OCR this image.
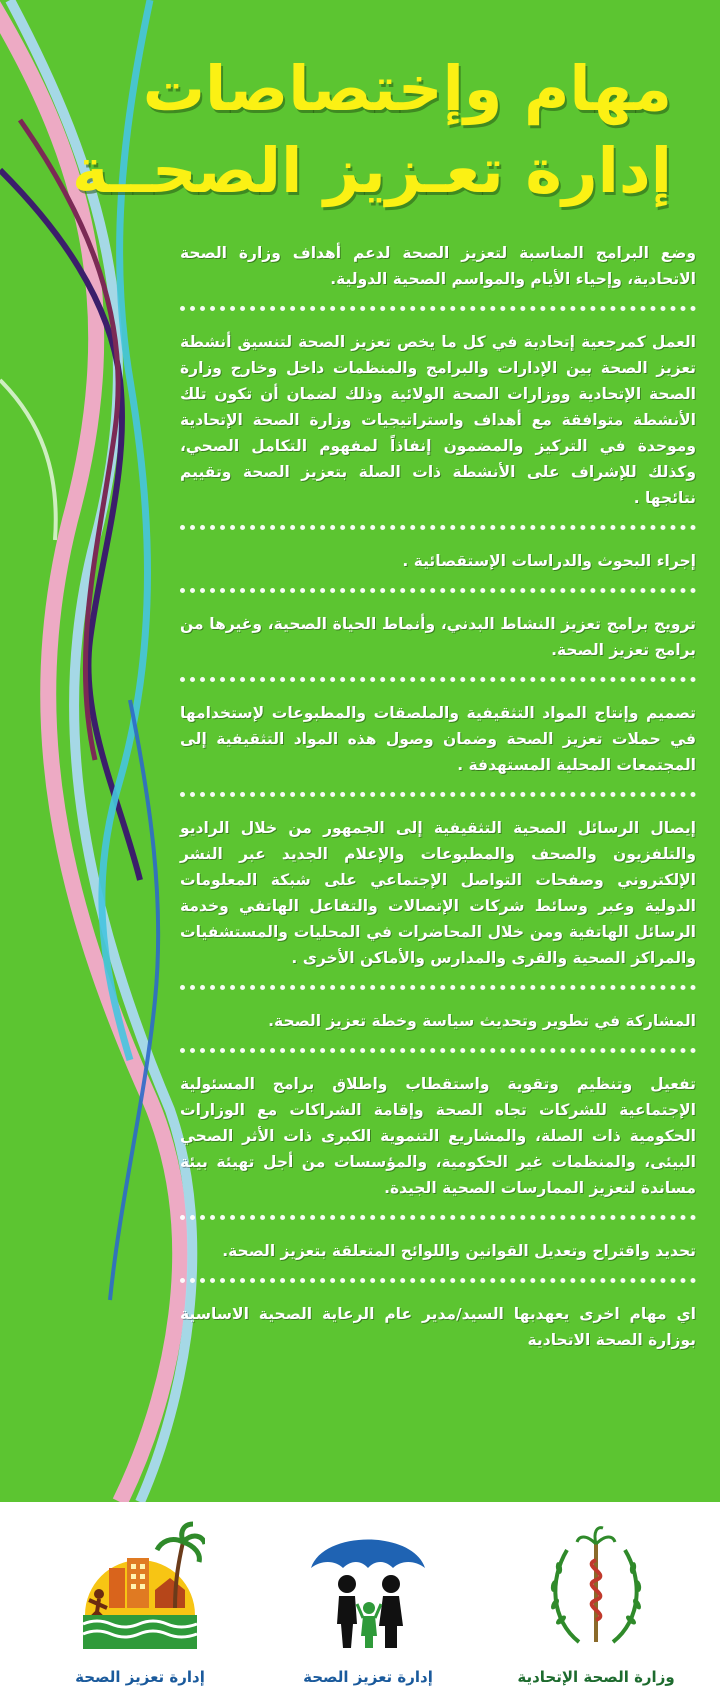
مهام وإختصاصات
إدارة تعـزيز الصحــة

وضع البرامج المناسبة لتعزيز الصحة لدعم أهداف وزارة الصحة الاتحادية، وإحياء الأيام والمواسم الصحية الدولية.

العمل كمرجعية إتحادية في كل ما يخص تعزيز الصحة لتنسيق أنشطة تعزيز الصحة بين الإدارات والبرامج والمنظمات داخل وخارج وزارة الصحة الإتحادية ووزارات الصحة الولائية وذلك لضمان أن تكون تلك الأنشطة متوافقة مع أهداف واستراتيجيات وزارة الصحة الإتحادية وموحدة في التركيز والمضمون إنفاذاً لمفهوم التكامل الصحي، وكذلك للإشراف على الأنشطة ذات الصلة بتعزيز الصحة وتقييم نتائجها .

إجراء البحوث والدراسات الإستقصائية .

ترويج برامج تعزيز النشاط البدني، وأنماط الحياة الصحية، وغيرها من برامج تعزيز الصحة.

تصميم وإنتاج المواد التثقيفية والملصقات والمطبوعات لإستخدامها في حملات تعزيز الصحة وضمان وصول هذه المواد التثقيفية إلى المجتمعات المحلية المستهدفة .

إيصال الرسائل الصحية التثقيفية إلى الجمهور من خلال الراديو والتلفزيون والصحف والمطبوعات والإعلام الجديد عبر النشر الإلكتروني وصفحات التواصل الإجتماعي على شبكة المعلومات الدولية وعبر وسائط شركات الإتصالات والتفاعل الهاتفي وخدمة الرسائل الهاتفية ومن خلال المحاضرات في المحليات والمستشفيات والمراكز الصحية والقرى والمدارس والأماكن الأخرى .

المشاركة في تطوير وتحديث سياسة وخطة تعزيز الصحة.

تفعيل وتنظيم وتقوية واستقطاب واطلاق برامج المسئولية الإجتماعية للشركات تجاه الصحة وإقامة الشراكات مع الوزارات الحكومية ذات الصلة، والمشاريع التنموية الكبرى ذات الأثر الصحي البيئى، والمنظمات غير الحكومية، والمؤسسات من أجل تهيئة بيئة مساندة لتعزيز الممارسات الصحية الجيدة.

تحديد واقتراح وتعديل القوانين واللوائح المتعلقة بتعزيز الصحة.

اي مهام اخرى يعهدبها السيد/مدير عام الرعاية الصحية الاساسية بوزارة الصحة الاتحادية

إدارة تعزيز الصحة	إدارة تعزيز الصحة	وزارة الصحة الإتحادية
